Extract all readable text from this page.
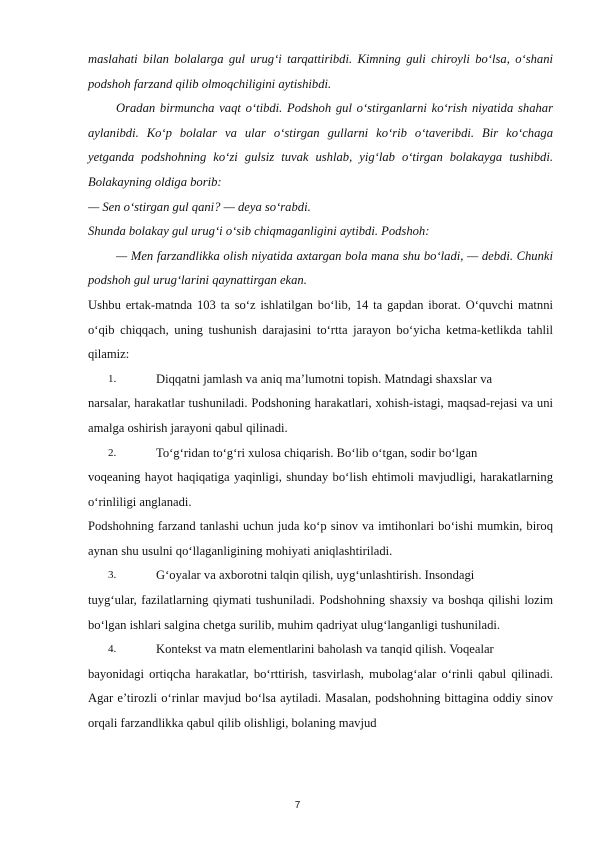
maslahati bilan bolalarga gul urug‘i tarqattiribdi. Kimning guli chiroyli bo‘lsa, o‘shani podshoh farzand qilib olmoqchiligini aytishibdi.

Oradan birmuncha vaqt o‘tibdi. Podshoh gul o‘stirganlarni ko‘rish niyatida shahar aylanibdi. Ko‘p bolalar va ular o‘stirgan gullarni ko‘rib o‘taveribdi. Bir ko‘chaga yetganda podshohning ko‘zi gulsiz tuvak ushlab, yig‘lab o‘tirgan bolakayga tushibdi. Bolakayning oldiga borib:

— Sen o‘stirgan gul qani? — deya so‘rabdi.

Shunda bolakay gul urug‘i o‘sib chiqmaganligini aytibdi. Podshoh:

— Men farzandlikka olish niyatida axtargan bola mana shu bo‘ladi, — debdi. Chunki podshoh gul urug‘larini qaynattirgan ekan.

Ushbu ertak-matnda 103 ta so‘z ishlatilgan bo‘lib, 14 ta gapdan iborat. O‘quvchi matnni o‘qib chiqqach, uning tushunish darajasini to‘rtta jarayon bo‘yicha ketma-ketlikda tahlil qilamiz:

1.	Diqqatni jamlash va aniq ma’lumotni topish. Matndagi shaxslar va

narsalar, harakatlar tushuniladi. Podshoning harakatlari, xohish-istagi, maqsad-rejasi va uni amalga oshirish jarayoni qabul qilinadi.

2.	To‘g‘ridan to‘g‘ri xulosa chiqarish. Bo‘lib o‘tgan, sodir bo‘lgan

voqeaning hayot haqiqatiga yaqinligi, shunday bo‘lish ehtimoli mavjudligi, harakatlarning o‘rinliligi anglanadi.

Podshohning farzand tanlashi uchun juda ko‘p sinov va imtihonlari bo‘ishi mumkin, biroq aynan shu usulni qo‘llaganligining mohiyati aniqlashtiriladi.

3.	G‘oyalar va axborotni talqin qilish, uyg‘unlashtirish. Insondagi

tuyg‘ular, fazilatlarning qiymati tushuniladi. Podshohning shaxsiy va boshqa qilishi lozim bo‘lgan ishlari salgina chetga surilib, muhim qadriyat ulug‘langanligi tushuniladi.

4.	Kontekst va matn elementlarini baholash va tanqid qilish. Voqealar

bayonidagi ortiqcha harakatlar, bo‘rttirish, tasvirlash, mubolag‘alar o‘rinli qabul qilinadi. Agar e’tirozli o‘rinlar mavjud bo‘lsa aytiladi. Masalan, podshohning bittagina oddiy sinov orqali farzandlikka qabul qilib olishligi, bolaning mavjud

7
